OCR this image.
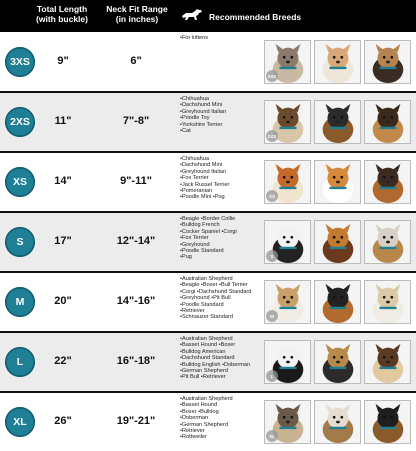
Total Length
(with buckle)
Neck Fit Range
(in inches)	Recommended Breeds
3XS	9"	6"
•For kittens
3XS
2XS	11"	7"-8"
•Chihuahua
•Dachshund Mini
•Greyhound Italian
•Poodle Toy
•Yorkshire Terrier
•Cat
2XS
XS	14"	9"-11"
•Chihuahua
•Dachshund Mini
•Greyhound Italian
•Fox Terrier
•Jack Russel Terrier
•Pomeranian
•Poodle Mini •Pug	XS
S	17"	12"-14"
•Beagle •Border Collie
•Bulldog French
•Cocker Spaniel •Corgi
•Fox Terrier
•Greyhound
•Poodle Standard
•Pug	S
M	20"	14"-16"
•Australian Shepherd
•Beagle •Boxer •Bull Terrier
•Corgi •Dachshund Standard
•Greyhound •Pit Bull
•Poodle Standard
•Retriever
•Schnauzer Standard	M
L	22"	16"-18"
•Australian Shepherd
•Basset Hound •Boxer
•Bulldog American
•Dachshund Standard
•Bulldog English •Doberman
•German Shepherd
•Pit Bull •Retriever	L
XL	26"	19"-21"
•Australian Shepherd
•Basset Hound
•Boxer •Bulldog
•Doberman
•German Shepherd
•Retriever
•Rottweiler	XL
